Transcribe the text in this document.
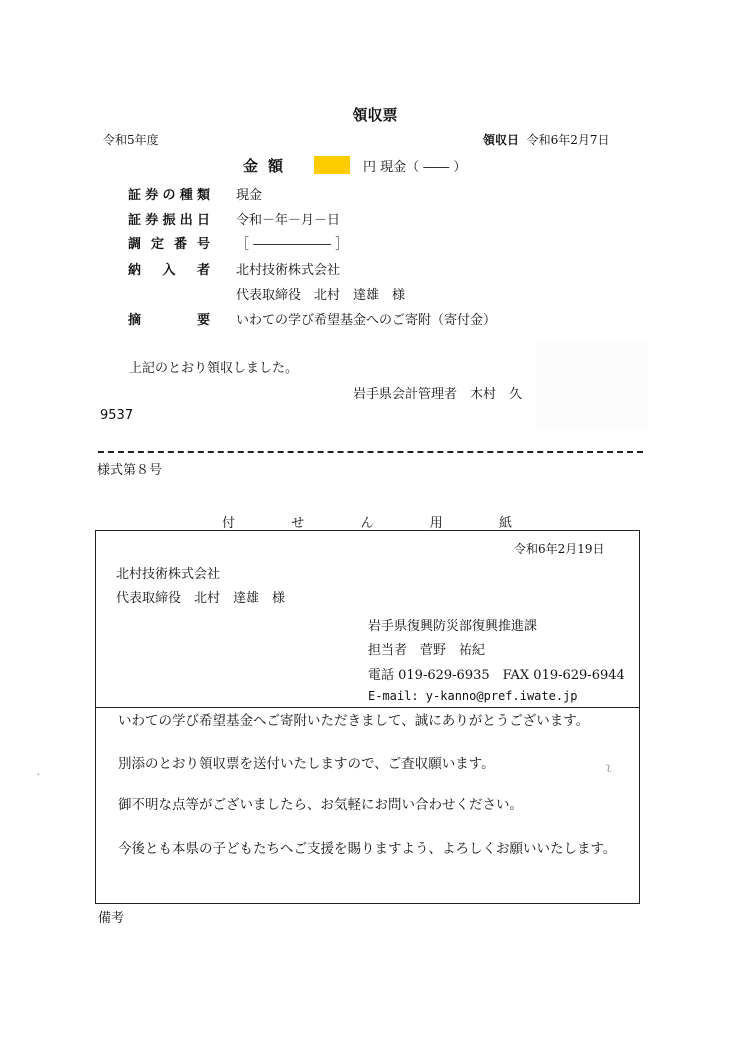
領収票
令和5年度	領収日 令和6年2月7日
金額	円 現金（ ―― ）
証 券 の 種 類 現金
証 券 振 出 日 令和－年－月－日
調 定 番 号 ［ ―――――― ］
納 入 者 北村技術株式会社
代表取締役　北村　達雄　様
摘	要 いわての学び希望基金へのご寄附（寄付金）
上記のとおり領収しました。
岩手県会計管理者　木村　久
9537
様式第８号
付	せ	ん	用	紙
令和6年2月19日
北村技術株式会社
代表取締役　北村　達雄　様
岩手県復興防災部復興推進課
担当者　菅野　祐紀
電話 019-629-6935　FAX 019-629-6944
E-mail: y-kanno@pref.iwate.jp
いわての学び希望基金へご寄附いただきまして、誠にありがとうございます。
別添のとおり領収票を送付いたしますので、ご査収願います。
御不明な点等がございましたら、お気軽にお問い合わせください。
今後とも本県の子どもたちへご支援を賜りますよう、よろしくお願いいたします。
備考
˛	ʅ
